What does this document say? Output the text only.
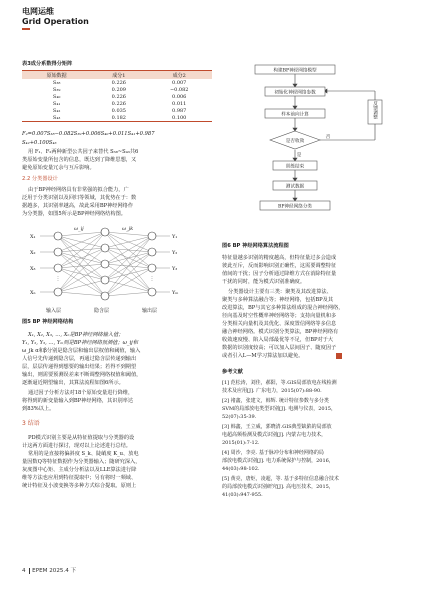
电网运维
Grid Operation
表3成分系数得分矩阵
原始数据	成分1	成分2
S₃₈	0.226	0.007
S₃₉	0.209	−0.082
S₄₀	0.226	0.006
S₄₁	0.226	0.011
S₄₂	0.035	0.987
S₄₃	0.182	0.100
F₂=0.007S₃₈−0.082S₃₉+0.006S₄₀+0.011S₄₁+0.987
S₄₂+0.100S₄₃
用 F₁、F₂两种新型公共因子来替代 S₃₈~S₄₃共6
类原始变量所包含的信息，既达到了降维思想，又
避免原始变量冗余与互斥影响。
2.2 分类器设计
由于BP神经网络具有非常强的拟合能力，广
泛用于分类识别以及回归等领域，其优势在于：数
据越多，其识别率越高，故此采用BP神经网络作
为分类器，如图5所示是BP神经网络结构图。
X₁
X₂
X₃
Xₙ
Y₁
Y₂
Y₃
Yₘ
ω_ij	ω_jk
⋮	⋮
输入层	隐含层	输出层
图5 BP 神经网络结构
X₁, X₂, X₃, …, Xₙ是BP神经网络输入值；
Y₁, Y₂, Y₃, …, Yₘ则是BP神经网络预测值；ω_ij和
ω_jk α和β分别是隐含层和输出层权值和阈值，输入
人信号先传递到隐含层，再通过隐含层传递到输出
层，层层传递得到想要的输出结果；若得不到期望
输出，则需要预测误差来不断调整网络权值和阈值，
逐渐逼近期望输出，其算法流程如图6所示。
通过因子分析方法对18个原始变量进行降维，
将得到的新变量输入到BP神经网络，其识别率达
到83%以上。
3 结语
PD模式识别主要是从特征值提取与分类器的设
计这两方面进行探讨，现对以上论述进行总结。
常用的是直接将偏斜度 S_k、陡峭度 K_u、放电
量因数Q等特征数据作为分类器输入；随研究深入，
灰度图中心矩、主成分分析法以及LLE算法进行降
维等方法也应用到特征提取中；另有将时一频域、
统计特征及小波变换等多种方式综合提取。原则上
构建BP神经网络模型
初始化神经网络参数
样本前向计算
是否收敛
训练结束
测试数据
BP神经网络分类
反馈调整
是
否
图6 BP 神经网络算法流程图
特征量越多识别的精度越高，但特征量过多会造成
彼此互斥，反而影响识别正确性，这需要调整特征
值间的干扰；因子分析通过降维方式在消除特征量
干扰的同时，能为模式识别准确度。
分类器设计主要有三类：聚类及其改进算法、
聚类与多种算法融合等；神经网络，包括BP及其
改进算法，BP与其它多种算法组成的混合神经网络，
径向基及时空性概率神经网络等；支持向量机和多
分类相关向量机及其优化、深度置信网络等多信息
融合神经网络。模式识别分类算法，BP神经网络有
收敛速度慢、陷入局部最优等不足，但BP对于大
数据的识别度较高；可以加入层间因子、随度因子
或者引入L—M学习算法加以避免。
参考文献
[1] 范松涛，刘佳，郝阳，等.GIS局部放电在线检测
技术及应用[J]. 广东电力，2015(07):88-90.
[2] 褚鑫，张建文，韩辉. 统计特征参数与多分类
SVM的局部放电类型识别[J]. 电测与仪表，2015，
52(07):35-39.
[3] 韩鑫，王立威，郭晓清.GIS典型缺陷的局部放
电超高频检测及模式识别[J]. 内蒙古电力技术，
2015(01):7-12.
[4] 周沙，李亮. 基于脉冲分布和神经网络的局
部放电模式识别[J]. 电力系统保护与控制，2016，
44(03):98-102.
[5] 黄亮，唐炬，凌超，等. 基于多特征信息融合技术
的局部放电模式识别研究[J]. 高电压技术，2015，
41(03):947-955.
4 EPEM 2025.4 下
